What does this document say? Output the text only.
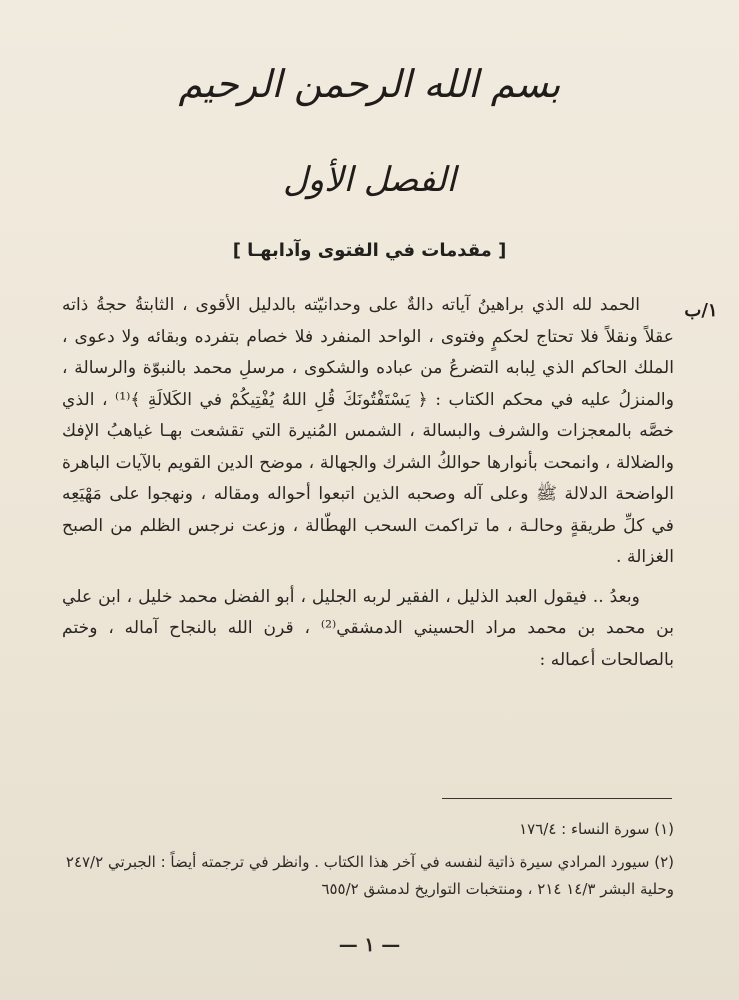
بسم الله الرحمن الرحيم
الفصل الأول
[ مقدمات في الفتوى وآدابهـا ]
١/ب

الحمد لله الذي براهينُ آياته دالةٌ على وحدانيّته بالدليل الأقوى ، الثابتةُ حجةُ ذاته عقلاً ونقلاً فلا تحتاج لحكمٍ وفتوى ، الواحد المنفرد فلا خصام بتفرده وبقائه ولا دعوى ، الملك الحاكم الذي لِبابه التضرعُ من عباده والشكوى ، مرسلِ محمد بالنبوّة والرسالة ، والمنزلُ عليه في محكم الكتاب : ﴿ يَسْتَفْتُونَكَ قُلِ اللهُ يُفْتِيكُمْ في الكَلالَةِ ﴾⁽¹⁾ ، الذي خصَّه بالمعجزات والشرف والبسالة ، الشمس المُنيرة التي تقشعت بهـا غياهبُ الإفك والضلالة ، وانمحت بأنوارها حوالكُ الشرك والجهالة ، موضح الدين القويم بالآيات الباهرة الواضحة الدلالة ﷺ وعلى آله وصحبه الذين اتبعوا أحواله ومقاله ، ونهجوا على مَهْيَعِه في كلِّ طريقةٍ وحالـة ، ما تراكمت السحب الهطّالة ، وزعت نرجس الظلم من الصبح الغزالة .

وبعدُ .. فيقول العبد الذليل ، الفقير لربه الجليل ، أبو الفضل محمد خليل ، ابن علي بن محمد بن محمد مراد الحسيني الدمشقي⁽²⁾ ، قرن الله بالنجاح آماله ، وختم بالصالحات أعماله :

(١) سورة النساء : ١٧٦/٤

(٢) سيورد المرادي سيرة ذاتية لنفسه في آخر هذا الكتاب . وانظر في ترجمته أيضاً : الجبرتي ٢٤٧/٢ وحلية البشر ١٤/٣ ٢١٤ ، ومنتخبات التواريخ لدمشق ٦٥٥/٢

— ١ —
